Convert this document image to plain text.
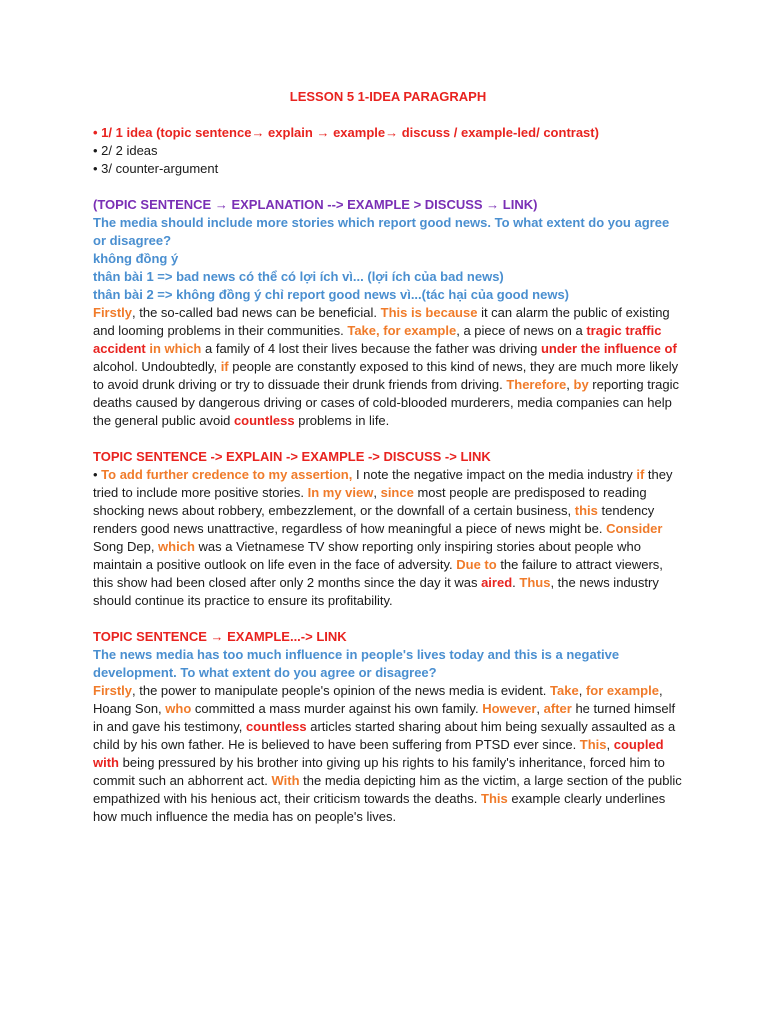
LESSON 5 1-IDEA PARAGRAPH
• 1/ 1 idea (topic sentence→ explain → example→ discuss / example-led/ contrast)
• 2/ 2 ideas
• 3/ counter-argument
(TOPIC SENTENCE → EXPLANATION --> EXAMPLE > DISCUSS → LINK)
The media should include more stories which report good news. To what extent do you agree or disagree?
không đồng ý
thân bài 1 => bad news có thể có lợi ích vì... (lợi ích của bad news)
thân bài 2 => không đồng ý chỉ report good news vì...(tác hại của good news)
Firstly, the so-called bad news can be beneficial. This is because it can alarm the public of existing and looming problems in their communities. Take, for example, a piece of news on a tragic traffic accident in which a family of 4 lost their lives because the father was driving under the influence of alcohol. Undoubtedly, if people are constantly exposed to this kind of news, they are much more likely to avoid drunk driving or try to dissuade their drunk friends from driving. Therefore, by reporting tragic deaths caused by dangerous driving or cases of cold-blooded murderers, media companies can help the general public avoid countless problems in life.
TOPIC SENTENCE -> EXPLAIN -> EXAMPLE -> DISCUSS -> LINK
• To add further credence to my assertion, I note the negative impact on the media industry if they tried to include more positive stories. In my view, since most people are predisposed to reading shocking news about robbery, embezzlement, or the downfall of a certain business, this tendency renders good news unattractive, regardless of how meaningful a piece of news might be. Consider Song Dep, which was a Vietnamese TV show reporting only inspiring stories about people who maintain a positive outlook on life even in the face of adversity. Due to the failure to attract viewers, this show had been closed after only 2 months since the day it was aired. Thus, the news industry should continue its practice to ensure its profitability.
TOPIC SENTENCE → EXAMPLE...-> LINK
The news media has too much influence in people's lives today and this is a negative development. To what extent do you agree or disagree?
Firstly, the power to manipulate people's opinion of the news media is evident. Take, for example, Hoang Son, who committed a mass murder against his own family. However, after he turned himself in and gave his testimony, countless articles started sharing about him being sexually assaulted as a child by his own father. He is believed to have been suffering from PTSD ever since. This, coupled with being pressured by his brother into giving up his rights to his family's inheritance, forced him to commit such an abhorrent act. With the media depicting him as the victim, a large section of the public empathized with his henious act, their criticism towards the deaths. This example clearly underlines how much influence the media has on people's lives.
